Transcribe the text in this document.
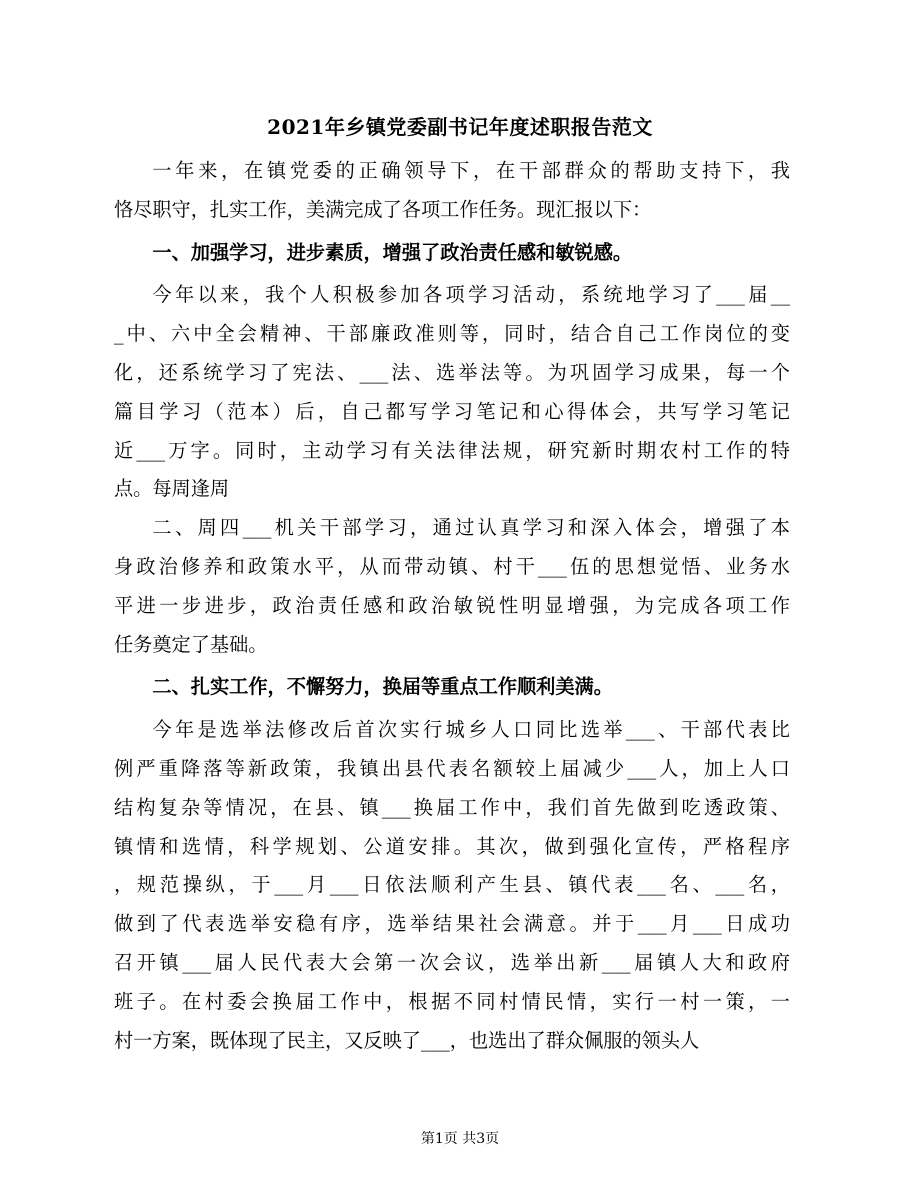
2021年乡镇党委副书记年度述职报告范文
一年来，在镇党委的正确领导下，在干部群众的帮助支持下，我
恪尽职守，扎实工作，美满完成了各项工作任务。现汇报以下：
一、加强学习，进步素质，增强了政治责任感和敏锐感。
今年以来，我个人积极参加各项学习活动，系统地学习了___届__
_中、六中全会精神、干部廉政准则等，同时，结合自己工作岗位的变
化，还系统学习了宪法、___法、选举法等。为巩固学习成果，每一个
篇目学习（范本）后，自己都写学习笔记和心得体会，共写学习笔记
近___万字。同时，主动学习有关法律法规，研究新时期农村工作的特
点。每周逢周
二、周四___机关干部学习，通过认真学习和深入体会，增强了本
身政治修养和政策水平，从而带动镇、村干___伍的思想觉悟、业务水
平进一步进步，政治责任感和政治敏锐性明显增强，为完成各项工作
任务奠定了基础。
二、扎实工作，不懈努力，换届等重点工作顺利美满。
今年是选举法修改后首次实行城乡人口同比选举___、干部代表比
例严重降落等新政策，我镇出县代表名额较上届减少___人，加上人口
结构复杂等情况，在县、镇___换届工作中，我们首先做到吃透政策、
镇情和选情，科学规划、公道安排。其次，做到强化宣传，严格程序
，规范操纵，于___月___日依法顺利产生县、镇代表___名、___名，
做到了代表选举安稳有序，选举结果社会满意。并于___月___日成功
召开镇___届人民代表大会第一次会议，选举出新___届镇人大和政府
班子。在村委会换届工作中，根据不同村情民情，实行一村一策，一
村一方案，既体现了民主，又反映了___，也选出了群众佩服的领头人
第1页 共3页
